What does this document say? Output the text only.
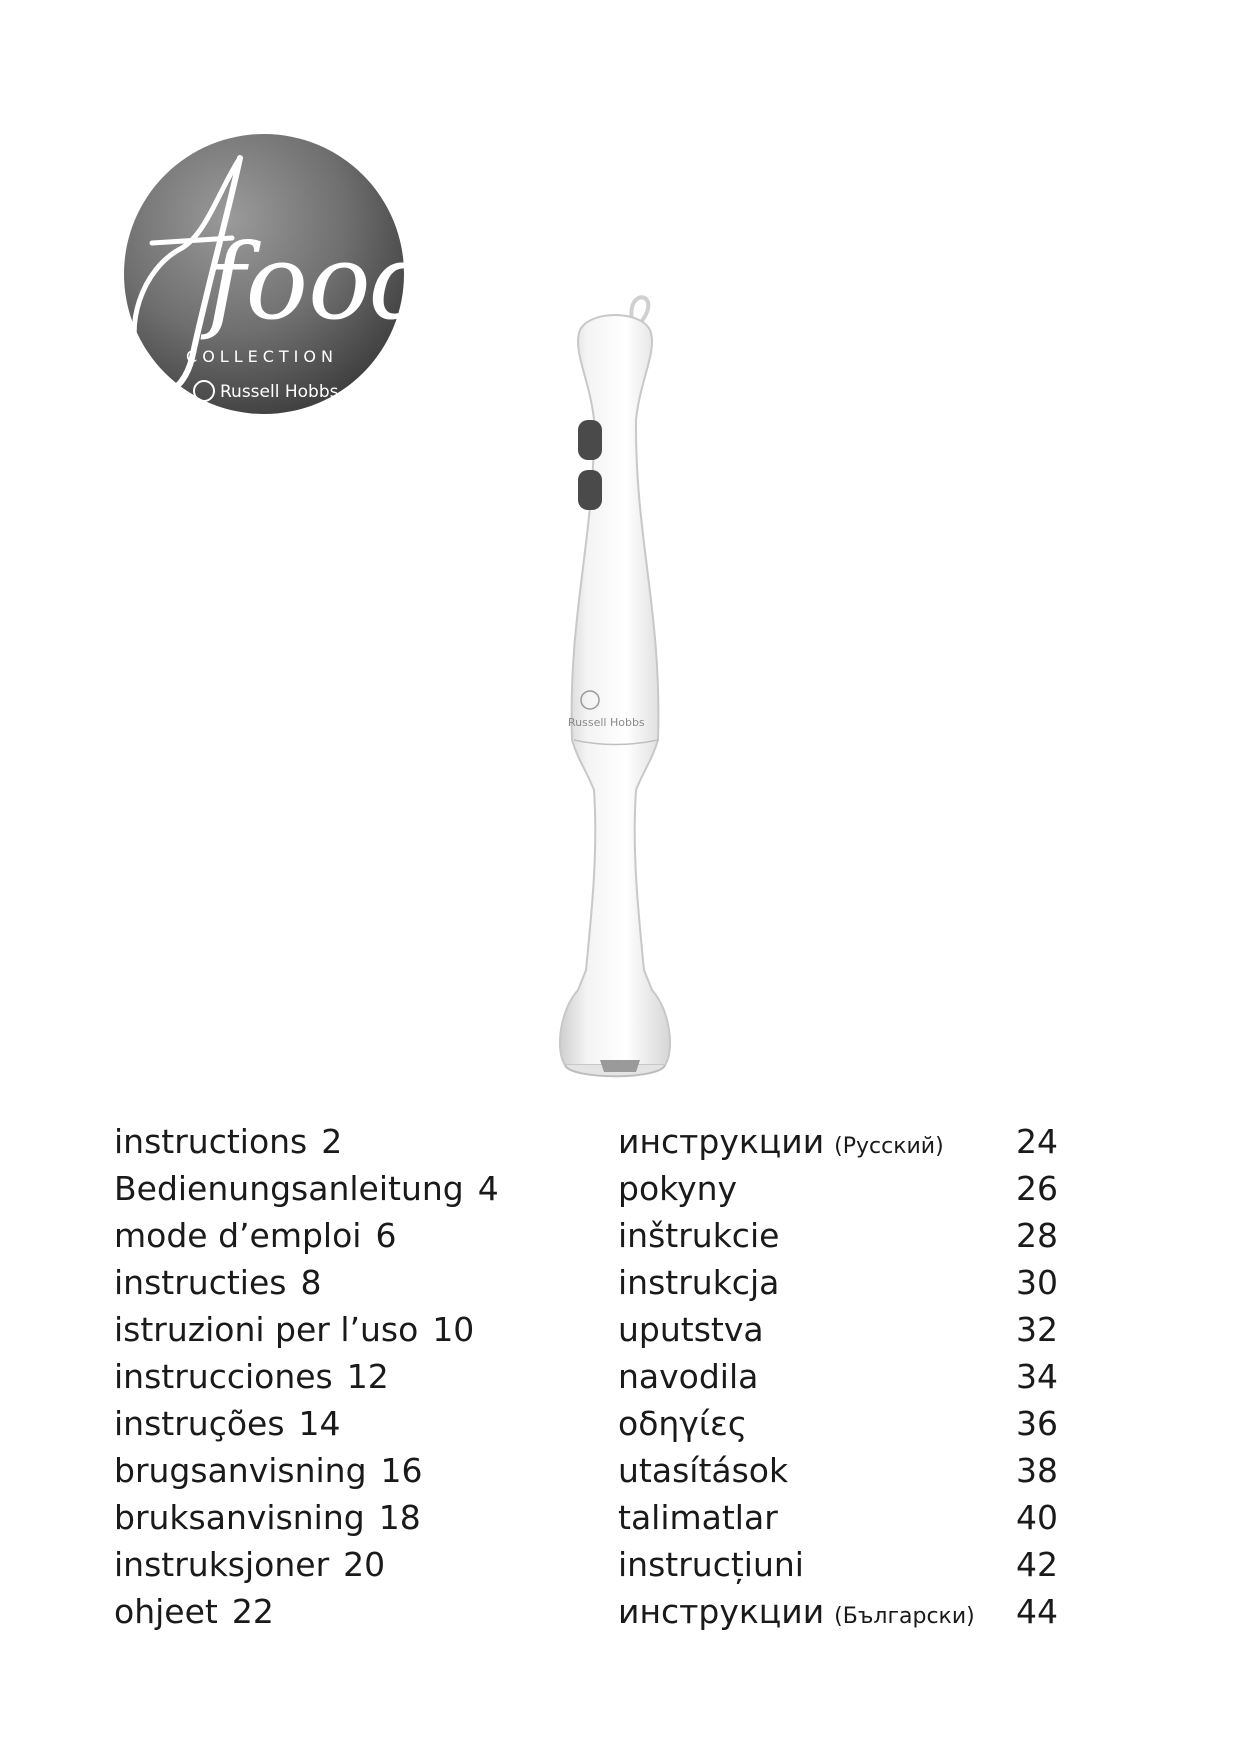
food
COLLECTION
Russell Hobbs
Russell Hobbs
instructions 2
Bedienungsanleitung 4
mode d’emploi 6
instructies 8
istruzioni per l’uso 10
instrucciones 12
instruções 14
brugsanvisning 16
bruksanvisning 18
instruksjoner 20
ohjeet 22
инструкции (Русский) 24
pokyny	26
inštrukcie	28
instrukcja	30
uputstva	32
navodila	34
οδηγίες	36
utasítások	38
talimatlar	40
instrucțiuni	42
инструкции (Български) 44
